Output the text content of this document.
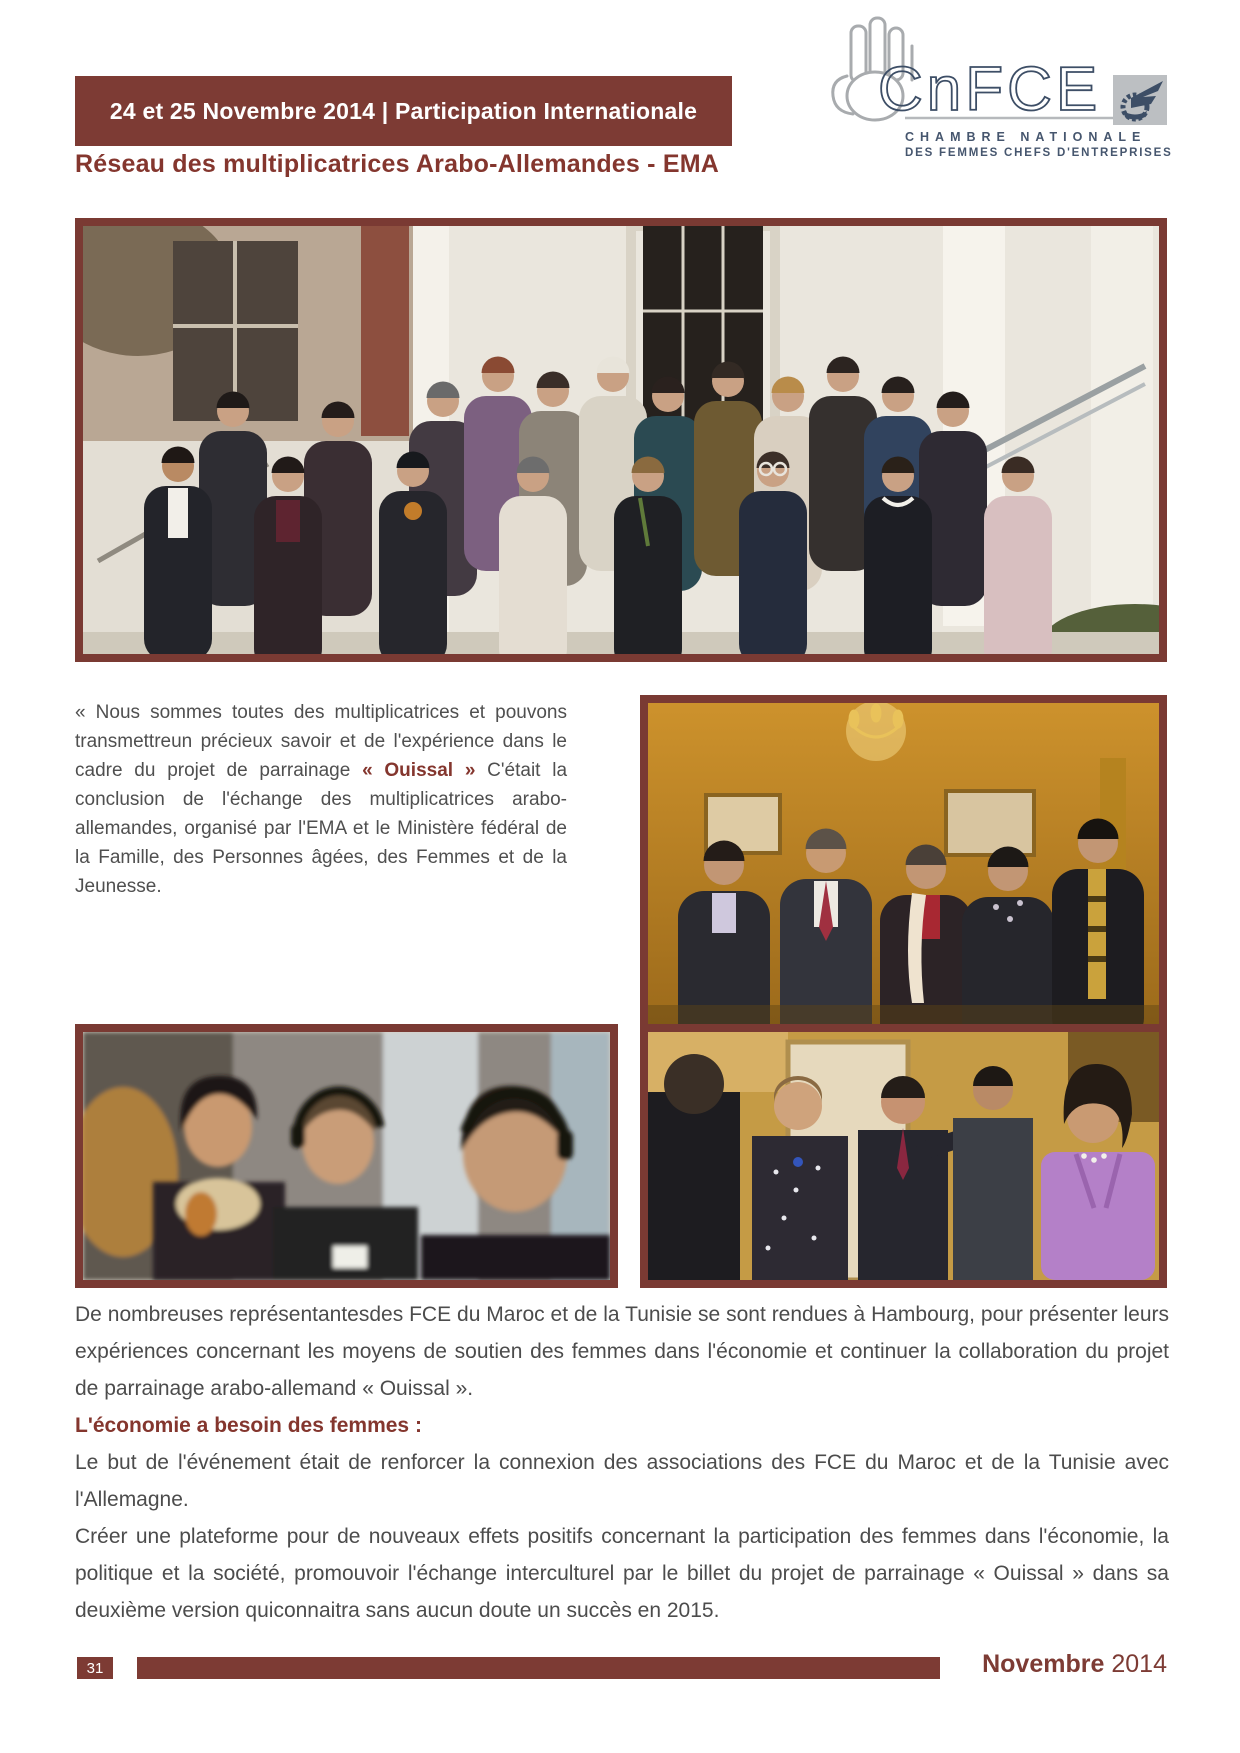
24 et 25 Novembre 2014 | Participation Internationale	CnFCE
CHAMBRE NATIONALE
DES FEMMES CHEFS D'ENTREPRISES
Réseau des multiplicatrices Arabo-Allemandes - EMA

« Nous sommes toutes des multiplicatrices et pouvons transmettreun précieux savoir et de l'expérience dans le cadre du projet de parrainage « Ouissal » C'était la conclusion de l'échange des multiplicatrices arabo-allemandes, organisé par l'EMA et le Ministère fédéral de la Famille, des Personnes âgées, des Femmes et de la Jeunesse.

De nombreuses représentantesdes FCE du Maroc et de la Tunisie se sont rendues à Hambourg, pour présenter leurs expériences concernant les moyens de soutien des femmes dans l'économie et continuer la collaboration du projet de parrainage arabo-allemand « Ouissal ».

L'économie a besoin des femmes :

Le but de l'événement était de renforcer la connexion des associations des FCE du Maroc et de la Tunisie avec l'Allemagne.

Créer une plateforme pour de nouveaux effets positifs concernant la participation des femmes dans l'économie, la politique et la société, promouvoir l'échange interculturel par le billet du projet de parrainage « Ouissal » dans sa deuxième version quiconnaitra sans aucun doute un succès en 2015.

31	Novembre 2014
